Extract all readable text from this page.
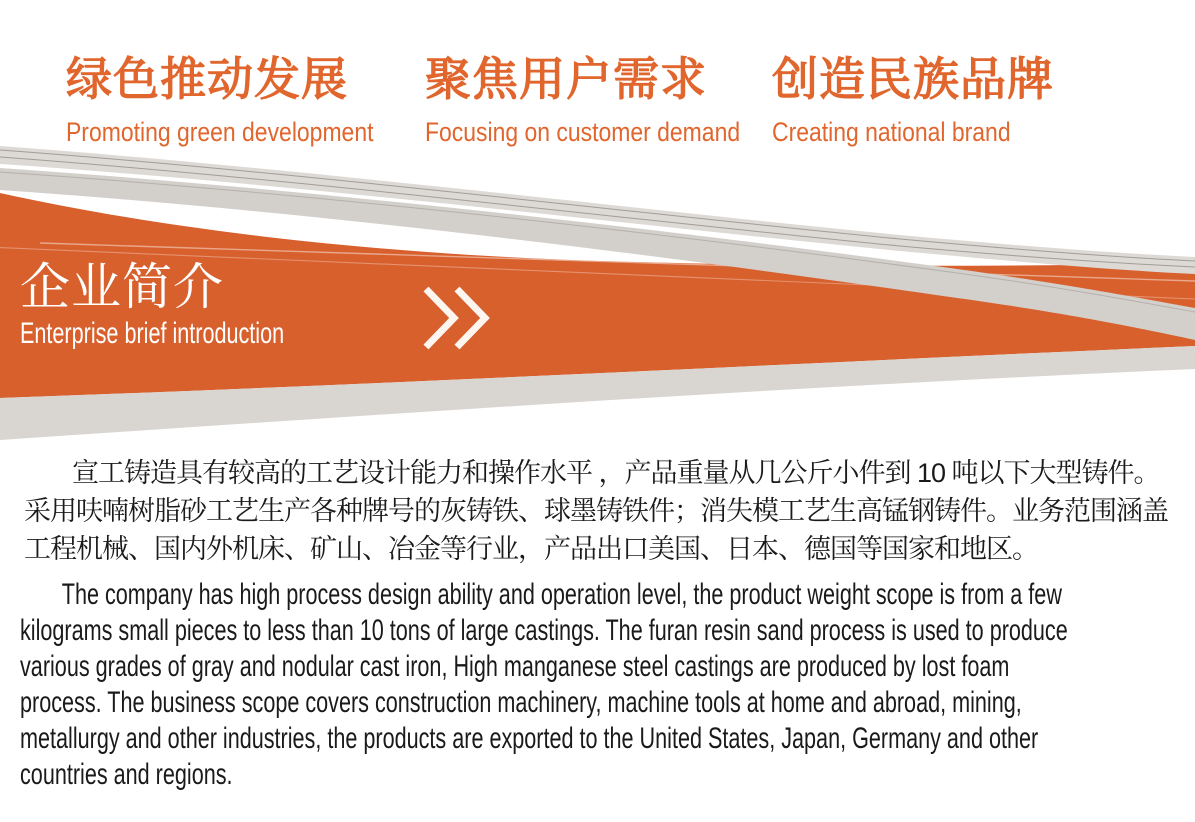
绿色推动发展
Promoting green development
聚焦用户需求
Focusing on customer demand
创造民族品牌
Creating national brand
企业简介
Enterprise brief introduction
宣工铸造具有较高的工艺设计能力和操作水平 ，产品重量从几公斤小件到 10 吨以下大型铸件。
采用呋喃树脂砂工艺生产各种牌号的灰铸铁、球墨铸铁件；消失模工艺生高锰钢铸件。业务范围涵盖
工程机械、国内外机床、矿山、冶金等行业，产品出口美国、日本、德国等国家和地区。
The company has high process design ability and operation level, the product weight scope is from a few
kilograms small pieces to less than 10 tons of large castings. The furan resin sand process is used to produce
various grades of gray and nodular cast iron, High manganese steel castings are produced by lost foam
process. The business scope covers construction machinery, machine tools at home and abroad, mining,
metallurgy and other industries, the products are exported to the United States, Japan, Germany and other
countries and regions.
